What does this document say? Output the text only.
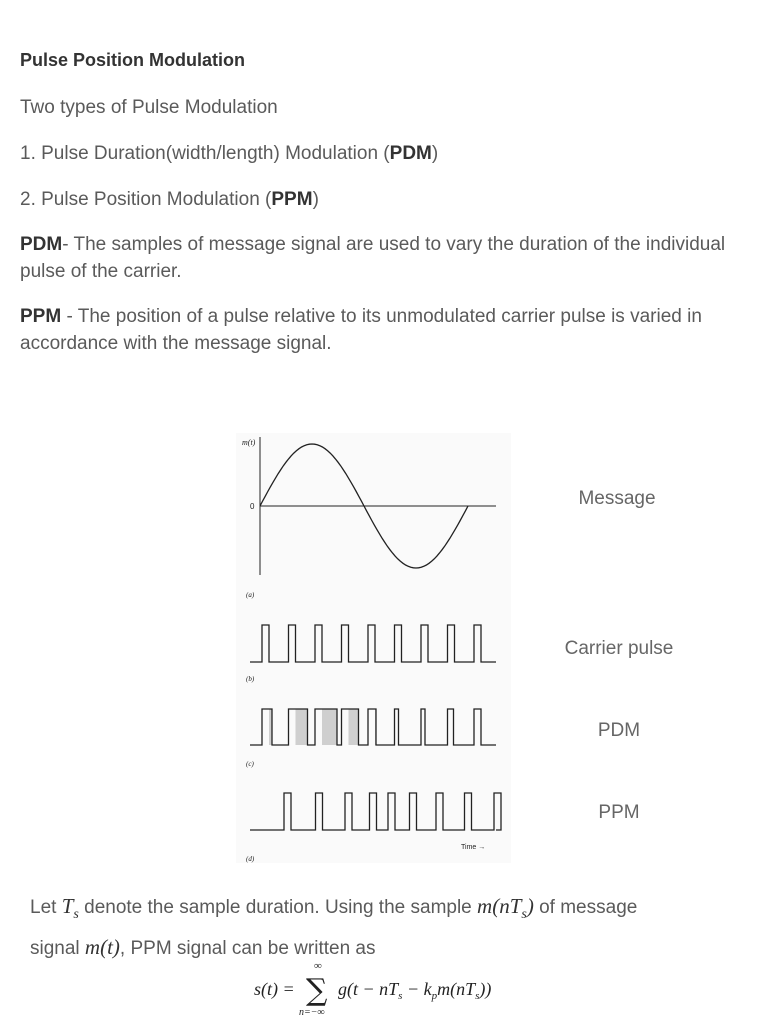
Pulse Position Modulation
Two types of Pulse Modulation
1. Pulse Duration(width/length) Modulation (PDM)
2. Pulse Position Modulation (PPM)
PDM- The samples of message signal are used to vary the duration of the individual pulse of the carrier.
PPM - The position of a pulse relative to its unmodulated carrier pulse is varied in accordance with the message signal.
m(t)
0
(a)
(b)
(c)
Time →
(d)
Message
Carrier pulse
PDM
PPM
Let $T_s$ denote the sample duration. Using the sample $m(nT_s)$ of message
signal m(t), PPM signal can be written as
s(t) =
∞
∑
n=−∞
$g(t - nT_s - k_pm(nT_s))$
